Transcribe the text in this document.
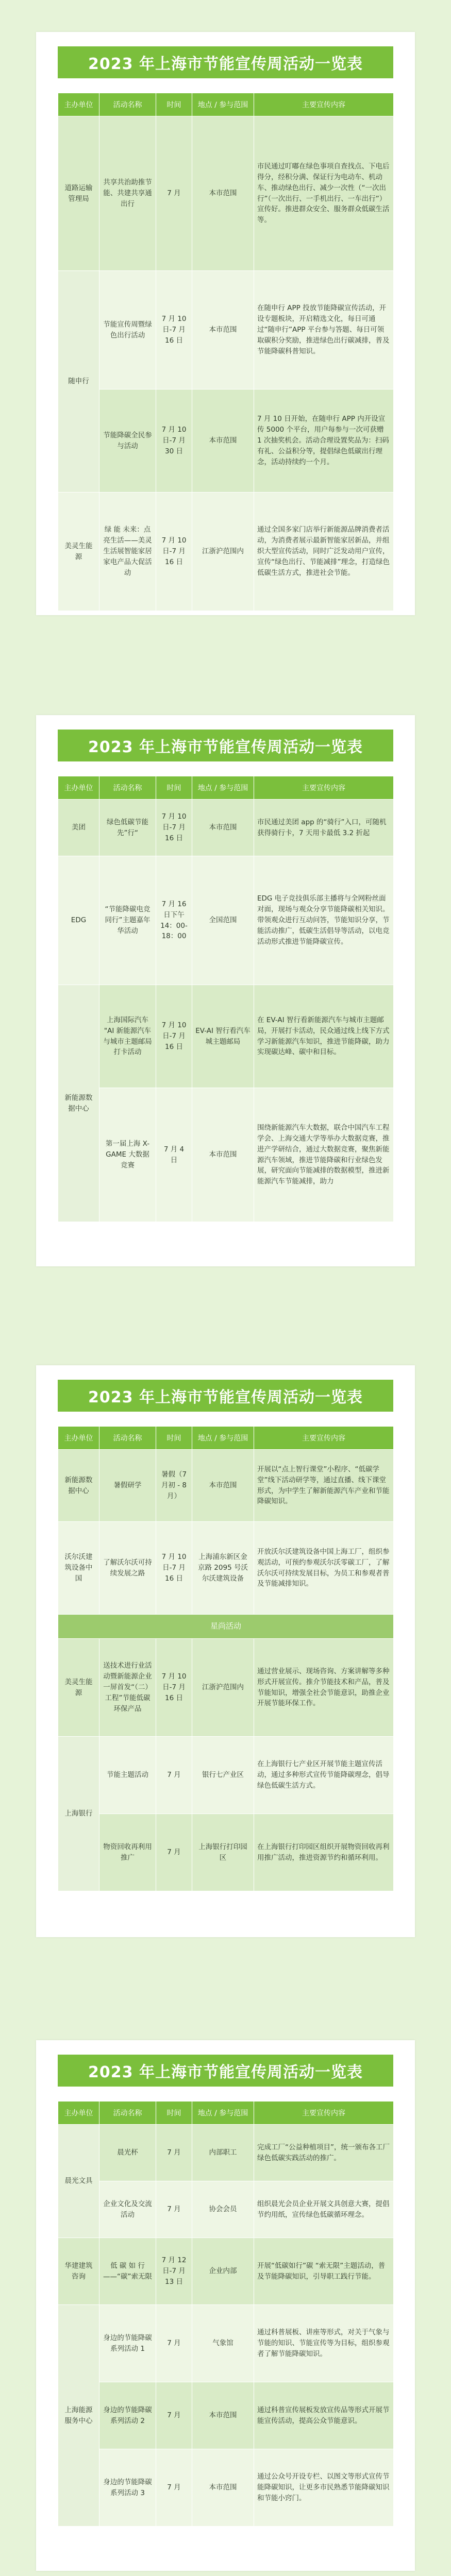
2023 年上海市节能宣传周活动一览表
主办单位	活动名称	时间	地点 / 参与范围	主要宣传内容
道路运输管理局	共享共治助推节能、共建共享通出行	7 月	本市范围	市民通过叮嘟在绿色事项自查找点、下电后得分，经积分满、保证行为电动车、机动车、推动绿色出行、减少一次性（“一次出行”（一次出行、一手机出行、一车出行”）宣传好。推进群众安全、服务群众低碳生活等。
随申行	节能宣传周暨绿色出行活动	7 月 10 日-7 月 16 日	本市范围	在随申行 APP 投放节能降碳宣传活动，开设专题板块，开启精选文化，每日可通过“随申行”APP 平台参与答题、每日可领取碳积分奖励，推进绿色出行碳减排，普及节能降碳科普知识。
	节能降碳全民参与活动	7 月 10 日-7 月 30 日	本市范围	7 月 10 日开始，在随申行 APP 内开设宣传 5000 个平台，用户每参与一次可获赠 1 次抽奖机会。活动合理设置奖品为：扫码有礼、公益积分等，提倡绿色低碳出行理念，活动持续约一个月。
美灵生能源	绿 能 未来：点亮生活——美灵生活展智能家居家电产品大促活动	7 月 10 日-7 月 16 日	江浙沪范围内	通过全国多家门店举行新能源品牌消费者活动，为消费者展示最新智能家居新品，并组织大型宣传活动，同时广泛发动用户宣传，宣传“绿色出行、节能减排”理念，打造绿色低碳生活方式，推进社会节能。
2023 年上海市节能宣传周活动一览表
主办单位	活动名称	时间	地点 / 参与范围	主要宣传内容
美团	绿色低碳节能先”行“	7 月 10 日-7 月 16 日	本市范围	市民通过美团 app 的“骑行”入口，可随机获得骑行卡，7 天用卡最低 3.2 折起
EDG	“节能降碳电竞同行”主题嘉年华活动	7 月 16 日下午 14：00-18：00	全国范围	EDG 电子竞技俱乐部主播将与全网粉丝面对面，现场与观众分享节能降碳相关知识。带领观众进行互动问答，节能知识分享，节能活动推广，低碳生活倡导等活动，以电竞活动形式推进节能降碳宣传。
新能源数据中心	上海国际汽车 "AI 新能源汽车与城市主题邮局打卡活动	7 月 10 日-7 月 16 日	EV-AI 智行看汽车城主题邮局	在 EV-AI 智行看新能源汽车与城市主题邮局，开展打卡活动，民众通过线上线下方式学习新能源汽车知识，推进节能降碳，助力实现碳达峰、碳中和目标。
	第一届上海 X-GAME 大数据竞赛	7 月 4 日	本市范围	围绕新能源汽车大数据，联合中国汽车工程学会、上海交通大学等举办大数据竞赛，推进产学研结合，通过大数据竞赛，聚焦新能源汽车领域，推进节能降碳和行业绿色发展，研究面向节能减排的数据模型，推进新能源汽车节能减排，助力
2023 年上海市节能宣传周活动一览表
主办单位	活动名称	时间	地点 / 参与范围	主要宣传内容
新能源数据中心	暑假研学	暑假（7 月初 - 8 月）	本市范围	开展以“点上智行课堂”小程序、“低碳学堂”线下活动研学等，通过直播、线下课堂形式，为中学生了解新能源汽车产业和节能降碳知识。
沃尔沃建筑设备中国	了解沃尔沃可持续发展之路	7 月 10 日-7 月 16 日	上海浦东新区金京路 2095 号沃尔沃建筑设备	开放沃尔沃建筑设备中国上海工厂，组织参观活动，可预约参观沃尔沃零碳工厂，了解沃尔沃可持续发展目标，为员工和参观者普及节能减排知识。
星尚活动				
美灵生能源	送技术进行业活动暨新能源企业一屏首发“（二）工程”节能低碳环保产品	7 月 10 日-7 月 16 日	江浙沪范围内	通过营业展示、现场咨询、方案讲解等多种形式开展宣传。推介节能技术和产品，普及节能知识，增强全社会节能意识，助推企业开展节能环保工作。
上海银行	节能主题活动	7 月	银行七产业区	在上海银行七产业区开展节能主题宣传活动，通过多种形式宣传节能降碳理念，倡导绿色低碳生活方式。
	物资回收再利用推广	7 月	上海银行打印园区	在上海银行打印园区组织开展物资回收再利用推广活动，推进资源节约和循环利用。
2023 年上海市节能宣传周活动一览表
主办单位	活动名称	时间	地点 / 参与范围	主要宣传内容
晨光文具	晨光杯	7 月	内部职工	完成工厂“公益种植项目”，统一颁布各工厂绿色低碳实践活动的推广。
	企业文化及交流活动	7 月	协会会员	组织晨光会员企业开展文具创意大赛，提倡节约用纸，宣传绿色低碳循环理念。
华建建筑咨询	低 碳 如 行——“碳”索无限	7 月 12 日-7 月 13 日	企业内部	开展“低碳如行”碳 “索无限”主题活动，普及节能降碳知识，引导职工践行节能。
上海能源服务中心	身边的节能降碳系列活动 1	7 月	气象馆	通过科普展板、讲座等形式，对关于气象与节能的知识、节能宣传等为目标，组织参观者了解节能降碳知识。
	身边的节能降碳系列活动 2	7 月	本市范围	通过科普宣传展板发放宣传品等形式开展节能宣传活动，提高公众节能意识。
	身边的节能降碳系列活动 3	7 月	本市范围	通过公众号开设专栏、以图文等形式宣传节能降碳知识，让更多市民熟悉节能降碳知识和节能小窍门。
